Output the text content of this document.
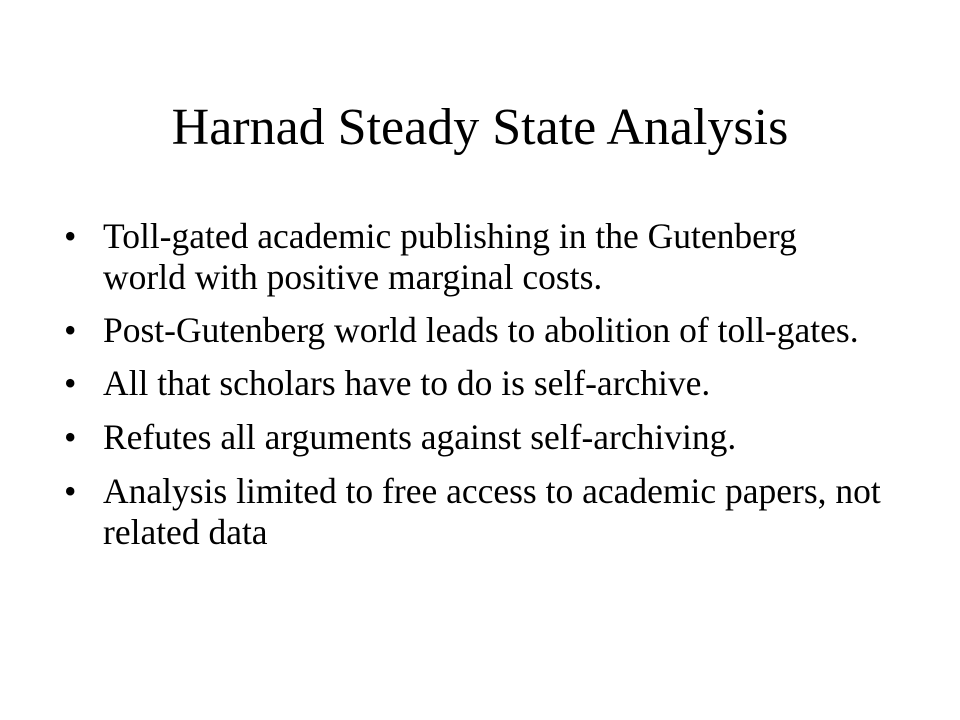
Harnad Steady State Analysis
• Toll-gated academic publishing in the Gutenberg world with positive marginal costs.
• Post-Gutenberg world leads to abolition of toll-gates.
• All that scholars have to do is self-archive.
• Refutes all arguments against self-archiving.
• Analysis limited to free access to academic papers, not related data
